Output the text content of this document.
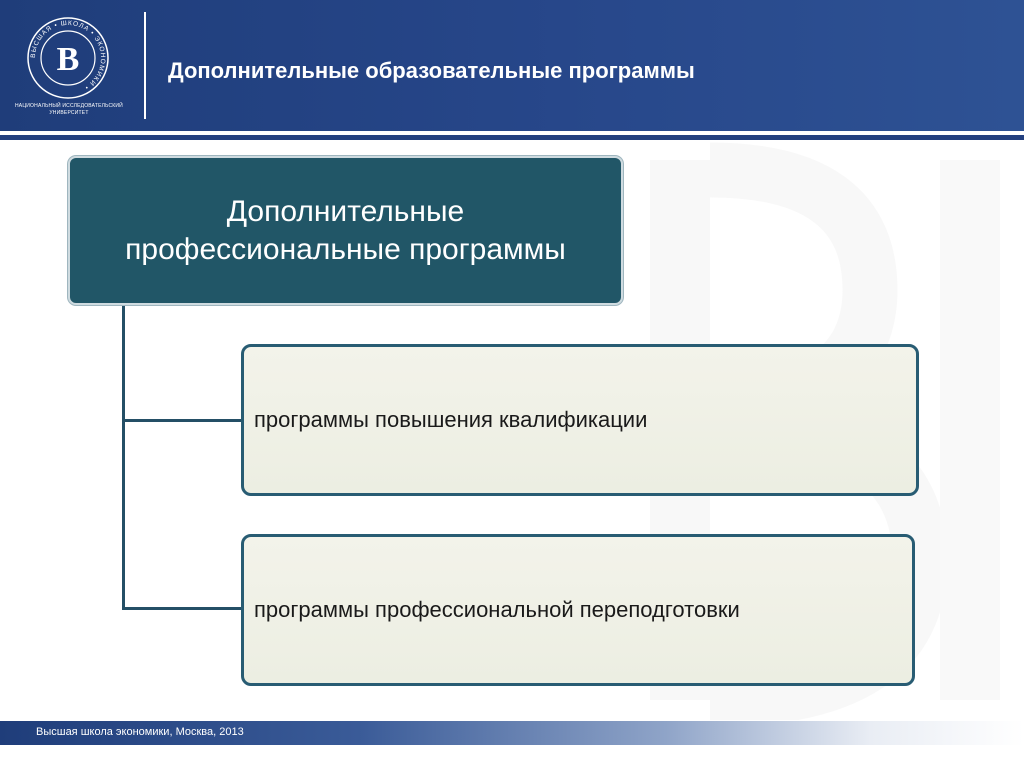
ВЫСШАЯ • ШКОЛА • ЭКОНОМИКИ •
В
НАЦИОНАЛЬНЫЙ ИССЛЕДОВАТЕЛЬСКИЙ
УНИВЕРСИТЕТ
Дополнительные образовательные программы
Дополнительные
профессиональные программы
программы повышения квалификации
программы профессиональной переподготовки
Высшая школа экономики, Москва, 2013
